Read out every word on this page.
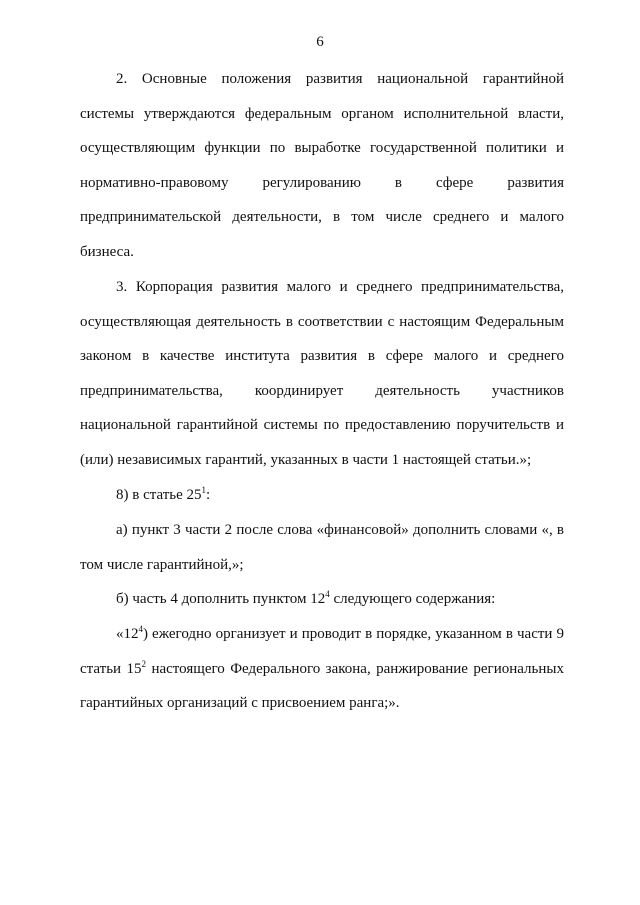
6

2. Основные положения развития национальной гарантийной системы утверждаются федеральным органом исполнительной власти, осуществляющим функции по выработке государственной политики и нормативно-правовому регулированию в сфере развития предпринимательской деятельности, в том числе среднего и малого бизнеса.

3. Корпорация развития малого и среднего предпринимательства, осуществляющая деятельность в соответствии с настоящим Федеральным законом в качестве института развития в сфере малого и среднего предпринимательства, координирует деятельность участников национальной гарантийной системы по предоставлению поручительств и (или) независимых гарантий, указанных в части 1 настоящей статьи.»;

8) в статье $25^1$:

а) пункт 3 части 2 после слова «финансовой» дополнить словами «, в том числе гарантийной,»;

б) часть 4 дополнить пунктом $12^4$ следующего содержания:

«$12^4$) ежегодно организует и проводит в порядке, указанном в части 9 статьи $15^2$ настоящего Федерального закона, ранжирование региональных гарантийных организаций с присвоением ранга;».
